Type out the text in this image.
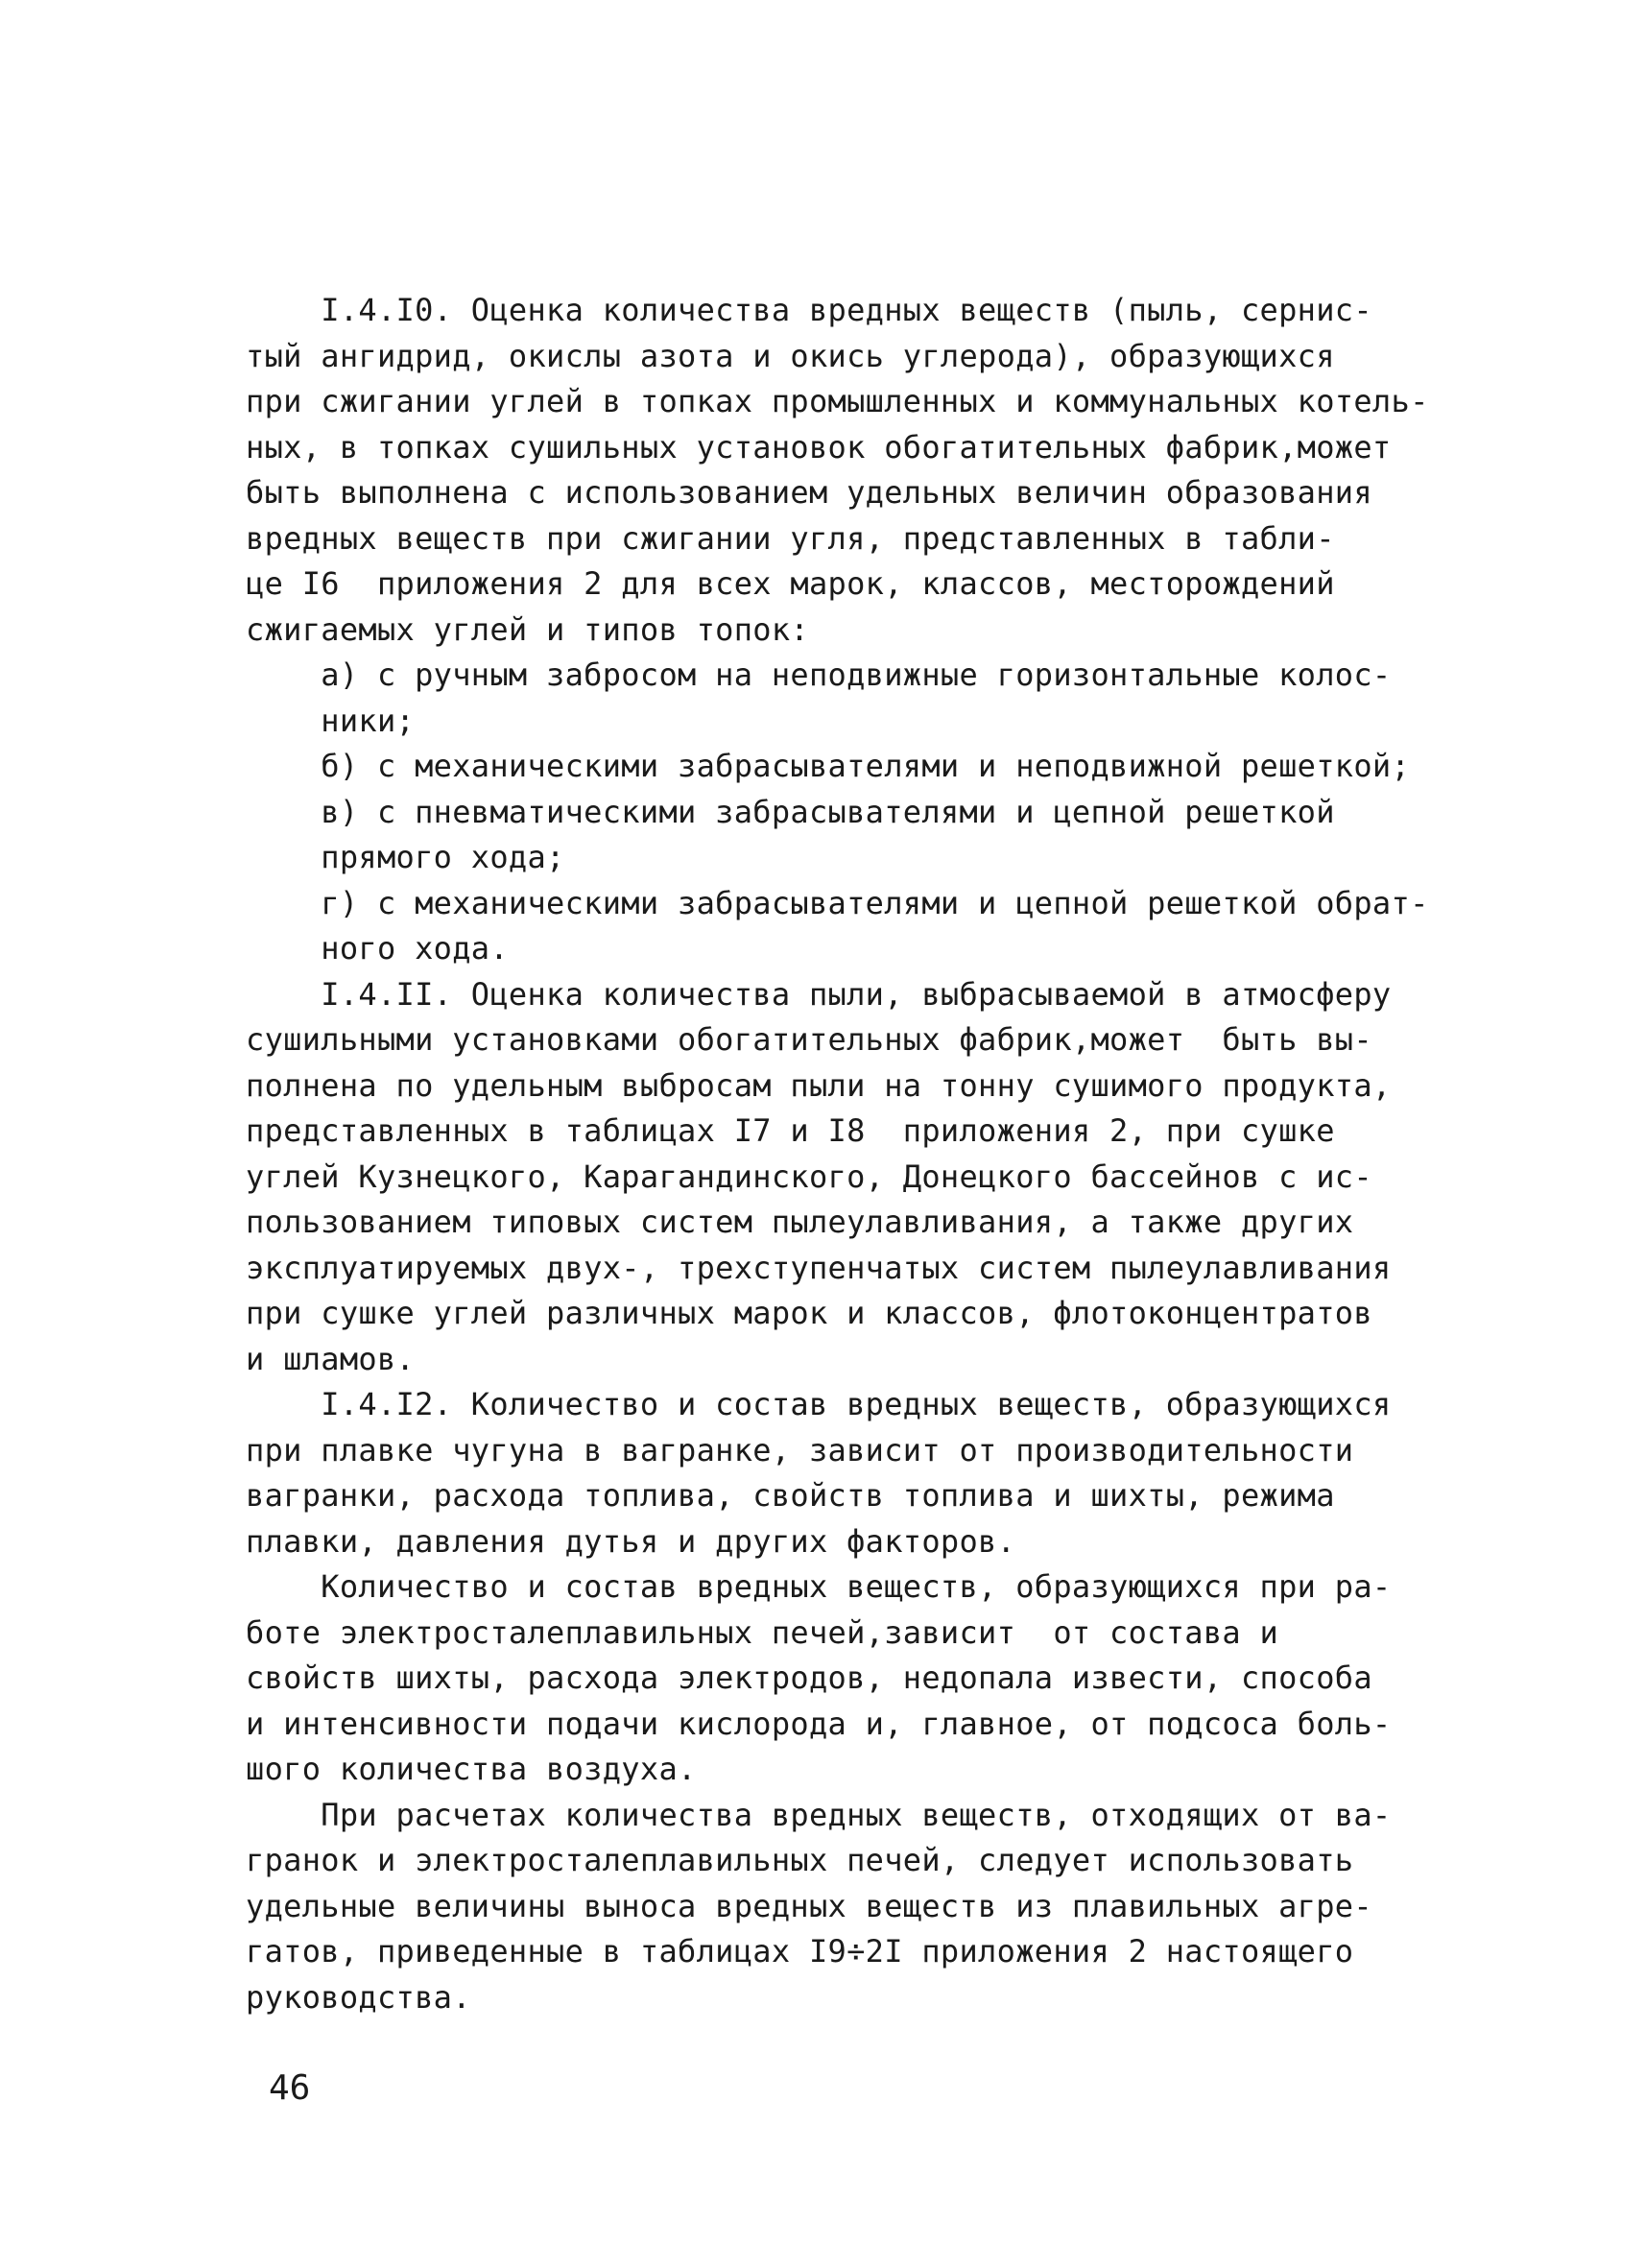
I.4.I0. Оценка количества вредных веществ (пыль, сернис-
тый ангидрид, окислы азота и окись углерода), образующихся
при сжигании углей в топках промышленных и коммунальных котель-
ных, в топках сушильных установок обогатительных фабрик,может
быть выполнена с использованием удельных величин образования
вредных веществ при сжигании угля, представленных в табли-
це I6  приложения 2 для всех марок, классов, месторождений
сжигаемых углей и типов топок:
а) с ручным забросом на неподвижные горизонтальные колос-
ники;
б) с механическими забрасывателями и неподвижной решеткой;
в) с пневматическими забрасывателями и цепной решеткой
прямого хода;
г) с механическими забрасывателями и цепной решеткой обрат-
ного хода.
I.4.II. Оценка количества пыли, выбрасываемой в атмосферу
сушильными установками обогатительных фабрик,может  быть вы-
полнена по удельным выбросам пыли на тонну сушимого продукта,
представленных в таблицах I7 и I8  приложения 2, при сушке
углей Кузнецкого, Карагандинского, Донецкого бассейнов с ис-
пользованием типовых систем пылеулавливания, а также других
эксплуатируемых двух-, трехступенчатых систем пылеулавливания
при сушке углей различных марок и классов, флотоконцентратов
и шламов.
I.4.I2. Количество и состав вредных веществ, образующихся
при плавке чугуна в вагранке, зависит от производительности
вагранки, расхода топлива, свойств топлива и шихты, режима
плавки, давления дутья и других факторов.
Количество и состав вредных веществ, образующихся при ра-
боте электросталеплавильных печей,зависит  от состава и
свойств шихты, расхода электродов, недопала извести, способа
и интенсивности подачи кислорода и, главное, от подсоса боль-
шого количества воздуха.
При расчетах количества вредных веществ, отходящих от ва-
гранок и электросталеплавильных печей, следует использовать
удельные величины выноса вредных веществ из плавильных агре-
гатов, приведенные в таблицах I9÷2I приложения 2 настоящего
руководства.
46
